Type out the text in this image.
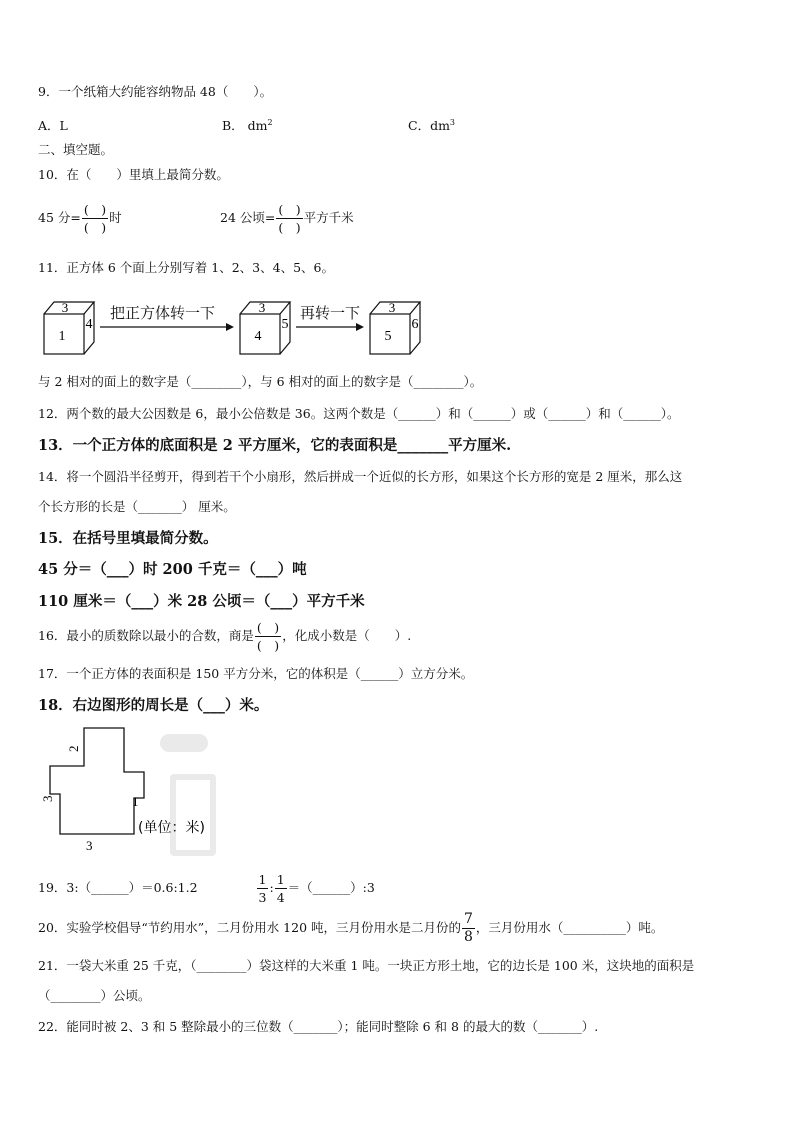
9．一个纸箱大约能容纳物品 48（　　）。
A．L	B． $dm^2$	C．$dm^3$
二、填空题。
10．在（　　）里填上最简分数。
45 分= $\frac{( )}{( )}$ 时	24 公顷= $\frac{( )}{( )}$ 平方千米
11．正方体 6 个面上分别写着 1、2、3、4、5、6。
3
1
4
3
4
5
3
5
6
把正方体转一下	再转一下
与 2 相对的面上的数字是（________），与 6 相对的面上的数字是（________）。
12．两个数的最大公因数是 6，最小公倍数是 36。这两个数是（______）和（______）或（______）和（______）。
13．一个正方体的底面积是 2 平方厘米，它的表面积是_______平方厘米.
14．将一个圆沿半径剪开，得到若干个小扇形，然后拼成一个近似的长方形，如果这个长方形的宽是 2 厘米，那么这
个长方形的长是（_______） 厘米。
15．在括号里填最简分数。
45 分＝（___）时 200 千克＝（___）吨
110 厘米＝（___）米 28 公顷＝（___）平方千米
16．最小的质数除以最小的合数，商是 $\frac{( )}{( )}$ ，化成小数是（　　）.
17．一个正方体的表面积是 150 平方分米，它的体积是（______）立方分米。
18．右边图形的周长是（___）米。
2
3	1
3
(单位：米)
19．3:（______）＝0.6:1.2	$\frac{1}{3}$ : $\frac{1}{4}$ ＝（______）:3
20．实验学校倡导“节约用水”，二月份用水 120 吨，三月份用水是二月份的 $\frac{7}{8}$ ，三月份用水（__________）吨。
21．一袋大米重 25 千克，（________）袋这样的大米重 1 吨。一块正方形土地，它的边长是 100 米，这块地的面积是
（________）公顷。
22．能同时被 2、3 和 5 整除最小的三位数（_______）；能同时整除 6 和 8 的最大的数（_______）.
